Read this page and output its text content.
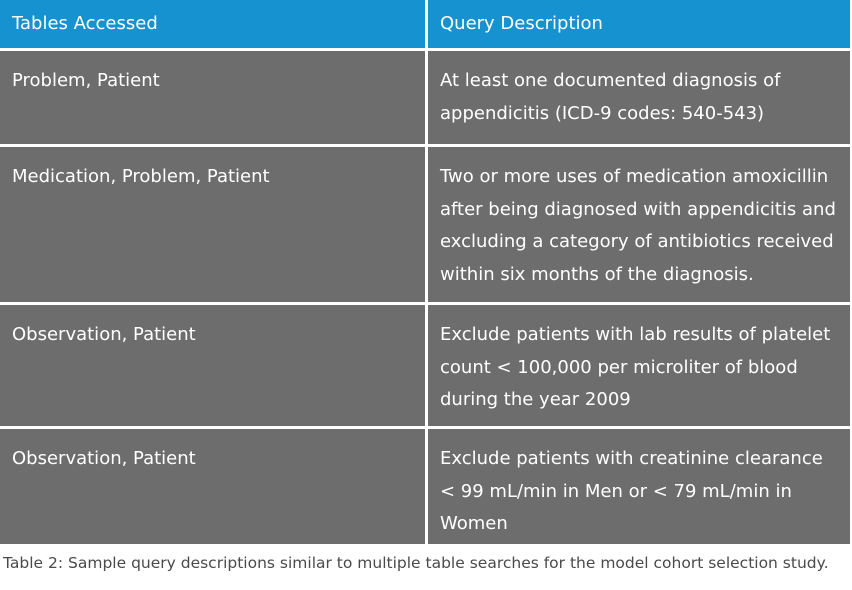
Tables Accessed	Query Description
Problem, Patient	At least one documented diagnosis of
appendicitis (ICD-9 codes: 540-543)
Medication, Problem, Patient	Two or more uses of medication amoxicillin
after being diagnosed with appendicitis and
excluding a category of antibiotics received
within six months of the diagnosis.
Observation, Patient	Exclude patients with lab results of platelet
count < 100,000 per microliter of blood
during the year 2009
Observation, Patient	Exclude patients with creatinine clearance
< 99 mL/min in Men or < 79 mL/min in
Women
Table 2: Sample query descriptions similar to multiple table searches for the model cohort selection study.
